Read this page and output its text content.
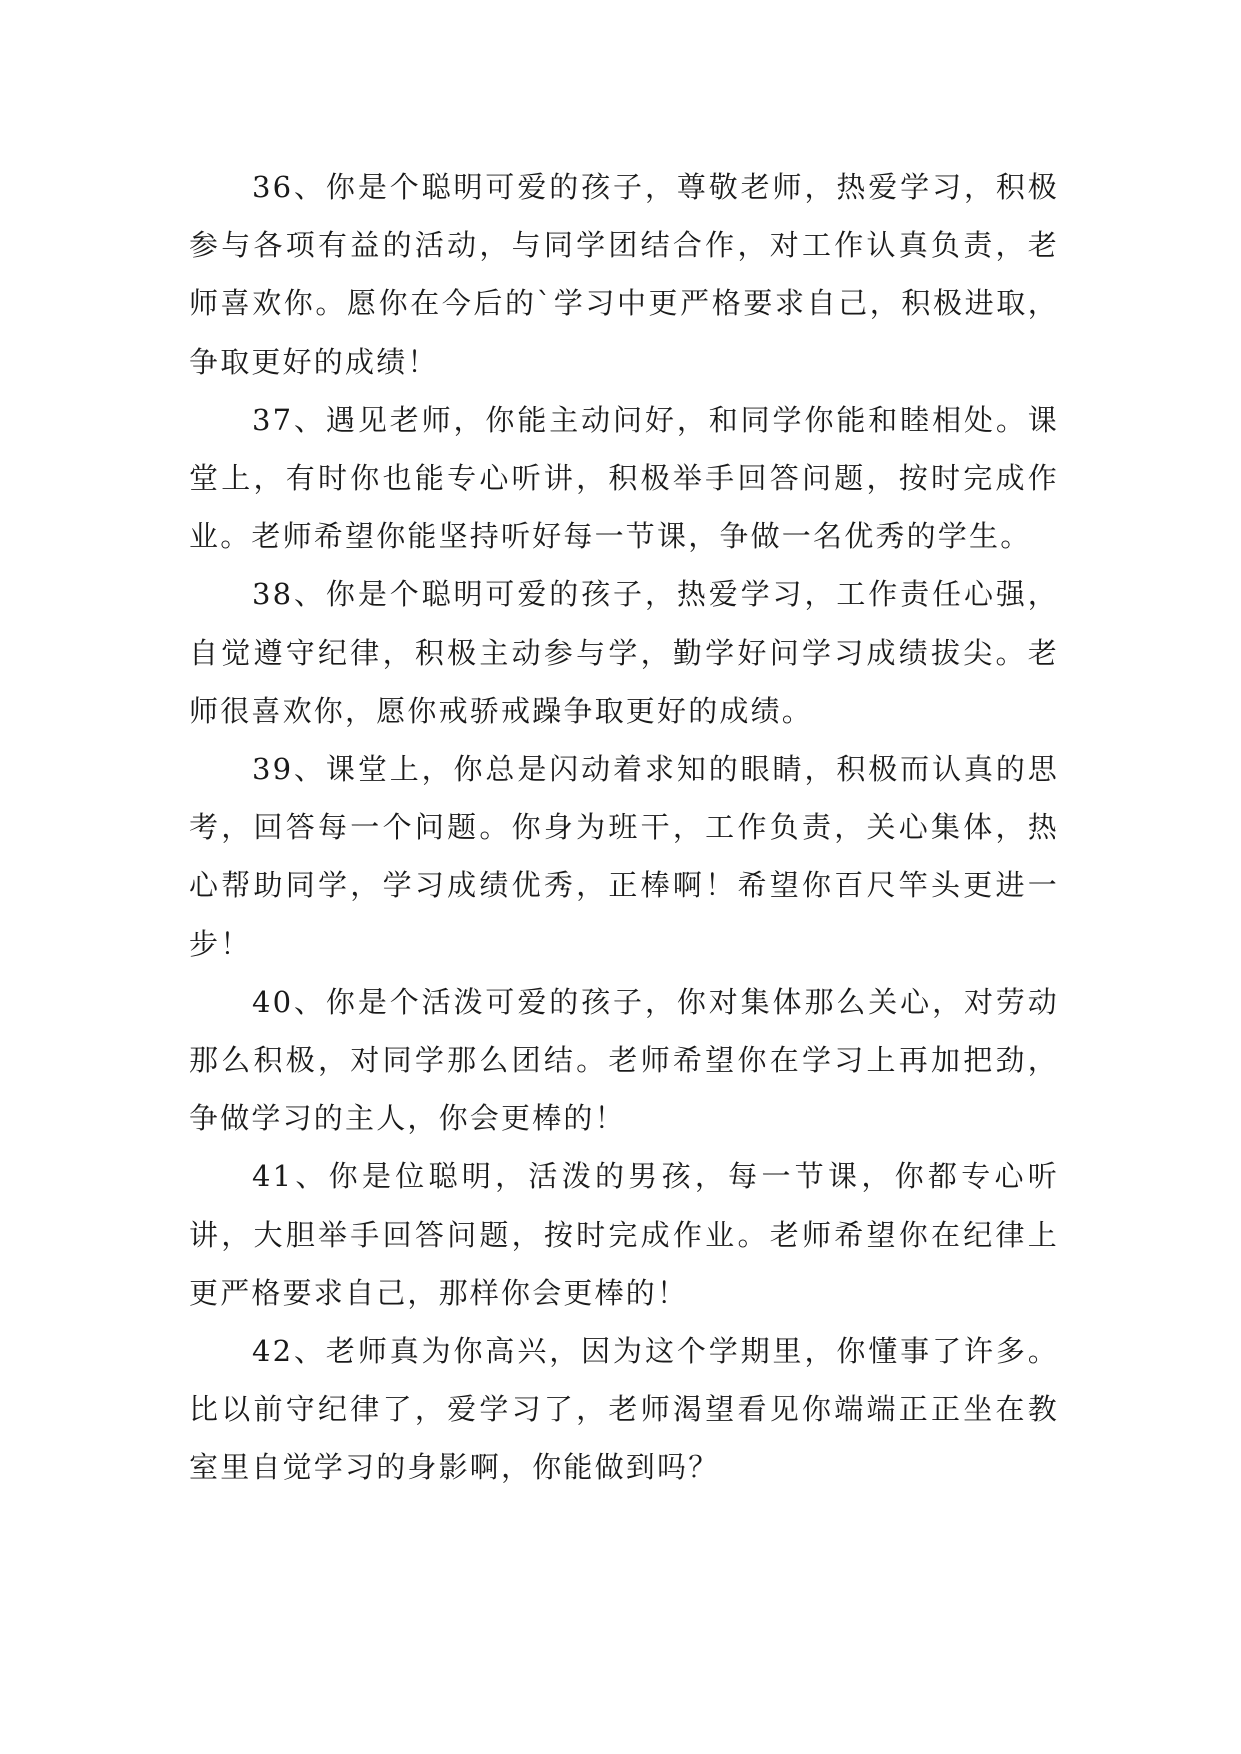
36、你是个聪明可爱的孩子，尊敬老师，热爱学习，积极参与各项有益的活动，与同学团结合作，对工作认真负责，老师喜欢你。愿你在今后的`学习中更严格要求自己，积极进取，争取更好的成绩！

37、遇见老师，你能主动问好，和同学你能和睦相处。课堂上，有时你也能专心听讲，积极举手回答问题，按时完成作业。老师希望你能坚持听好每一节课，争做一名优秀的学生。

38、你是个聪明可爱的孩子，热爱学习，工作责任心强，自觉遵守纪律，积极主动参与学，勤学好问学习成绩拔尖。老师很喜欢你，愿你戒骄戒躁争取更好的成绩。

39、课堂上，你总是闪动着求知的眼睛，积极而认真的思考，回答每一个问题。你身为班干，工作负责，关心集体，热心帮助同学，学习成绩优秀，正棒啊！希望你百尺竿头更进一步！

40、你是个活泼可爱的孩子，你对集体那么关心，对劳动那么积极，对同学那么团结。老师希望你在学习上再加把劲，争做学习的主人，你会更棒的！

41、你是位聪明，活泼的男孩，每一节课，你都专心听讲，大胆举手回答问题，按时完成作业。老师希望你在纪律上更严格要求自己，那样你会更棒的！

42、老师真为你高兴，因为这个学期里，你懂事了许多。比以前守纪律了，爱学习了，老师渴望看见你端端正正坐在教室里自觉学习的身影啊，你能做到吗？
